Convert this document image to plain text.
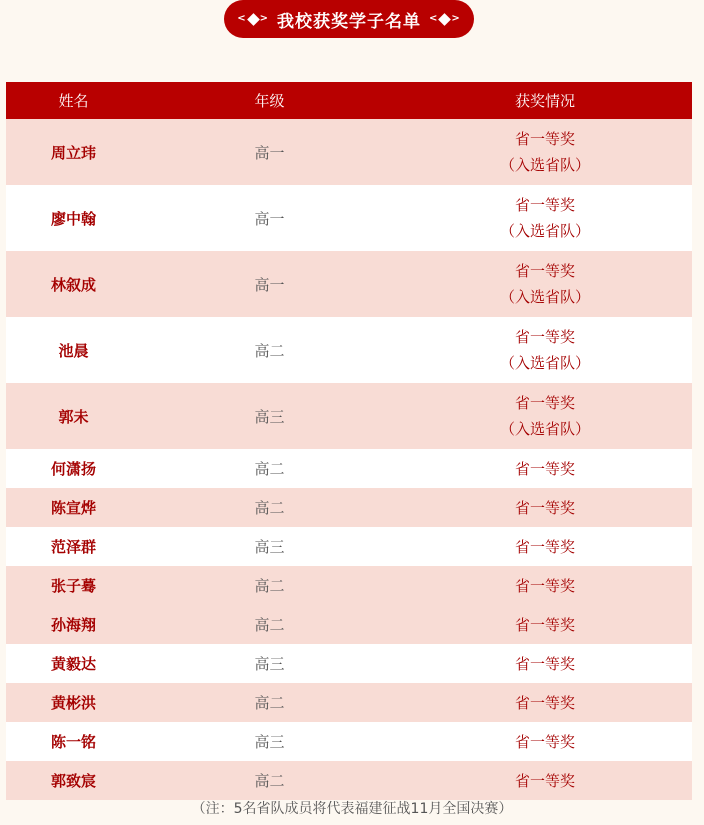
< > 我校获奖学子名单 < >
姓名	年级	获奖情况
周立玮	高一	省一等奖
（入选省队）

廖中翰	高一	省一等奖
（入选省队）

林叙成	高一	省一等奖
（入选省队）

池晨	高二	省一等奖
（入选省队）

郭未	高三	省一等奖
（入选省队）

何潇扬	高二	省一等奖
陈宣烨	高二	省一等奖
范泽群	高三	省一等奖
张子蓦	高二	省一等奖
孙海翔	高二	省一等奖
黄毅达	高三	省一等奖
黄彬洪	高二	省一等奖
陈一铭	高三	省一等奖
郭致宸	高二	省一等奖
（注：5名省队成员将代表福建征战11月全国决赛）
